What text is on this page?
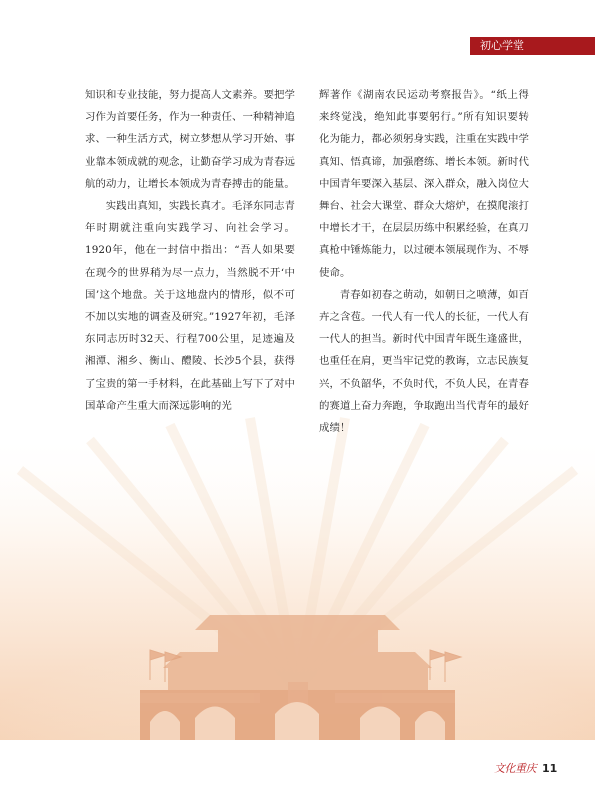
初心学堂

知识和专业技能，努力提高人文素养。要把学习作为首要任务，作为一种责任、一种精神追求、一种生活方式，树立梦想从学习开始、事业靠本领成就的观念，让勤奋学习成为青春远航的动力，让增长本领成为青春搏击的能量。

实践出真知，实践长真才。毛泽东同志青年时期就注重向实践学习、向社会学习。1920年，他在一封信中指出：“吾人如果要在现今的世界稍为尽一点力，当然脱不开‘中国’这个地盘。关于这地盘内的情形，似不可不加以实地的调查及研究。”1927年初，毛泽东同志历时32天、行程700公里，足迹遍及湘潭、湘乡、衡山、醴陵、长沙5个县，获得了宝贵的第一手材料，在此基础上写下了对中国革命产生重大而深远影响的光

辉著作《湖南农民运动考察报告》。“纸上得来终觉浅，绝知此事要躬行。”所有知识要转化为能力，都必须躬身实践，注重在实践中学真知、悟真谛，加强磨练、增长本领。新时代中国青年要深入基层、深入群众，融入岗位大舞台、社会大课堂、群众大熔炉，在摸爬滚打中增长才干，在层层历练中积累经验，在真刀真枪中锤炼能力，以过硬本领展现作为、不辱使命。

青春如初春之萌动，如朝日之喷薄，如百卉之含苞。一代人有一代人的长征，一代人有一代人的担当。新时代中国青年既生逢盛世，也重任在肩，更当牢记党的教诲，立志民族复兴，不负韶华，不负时代，不负人民，在青春的赛道上奋力奔跑，争取跑出当代青年的最好成绩！

文化重庆 11
